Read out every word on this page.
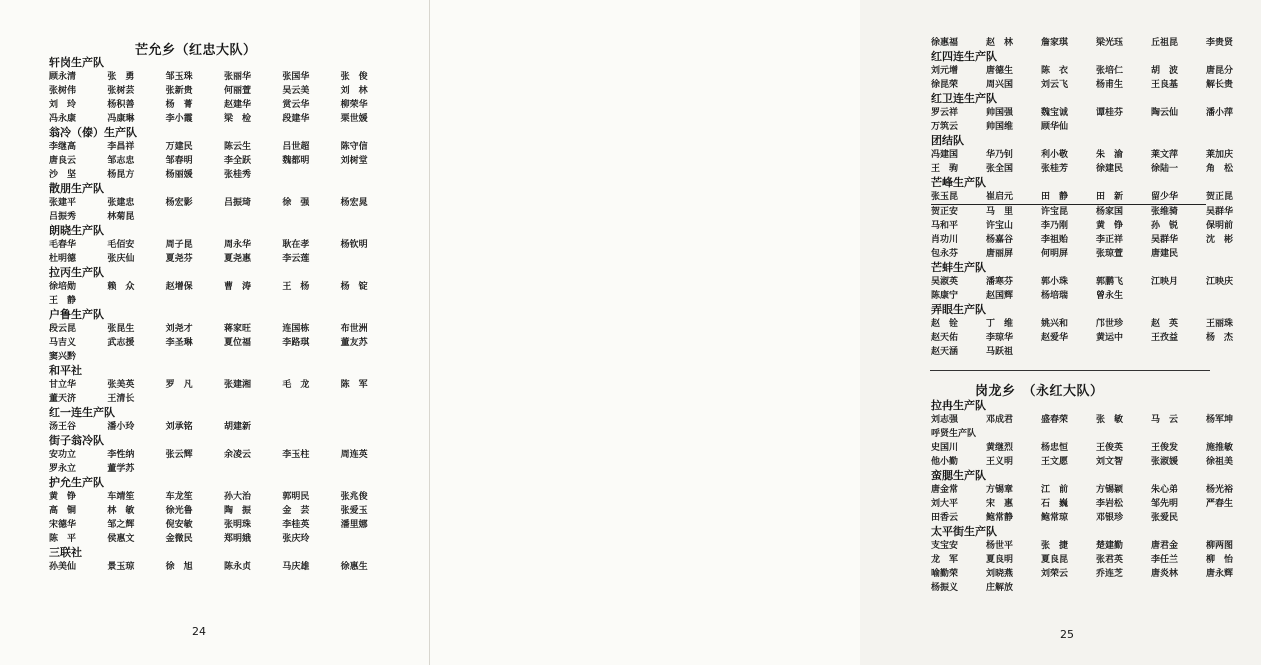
芒允乡（红忠大队）
轩岗生产队
顾永清	张　勇	邹玉珠	张丽华	张国华	张　俊
张树伟	张树芸	张新贵	何丽萱	吴云美	刘　林
刘　玲	杨积善	杨　菁	赵建华	赏云华	柳荣华
冯永康	冯康琳	李小霞	梁　检	段建华	栗世媛
翁冷（傣）生产队
李继高	李昌祥	万建民	陈云生	吕世超	陈守信
唐良云	邹志忠	邹春明	李全跃	魏都明	刘树堂
沙　坚	杨昆方	杨丽媛	张桂秀
散朋生产队
张建平	张建忠	杨宏影	吕振琦	徐　强	杨宏晁
吕振秀	林菊昆
朗晓生产队
毛春华	毛佰安	周子昆	周永华	耿在孝	杨钦明
杜明德	张庆仙	夏尧芬	夏尧惠	李云莲
拉丙生产队
徐培勋	赖　众	赵增保	曹　涛	王　杨	杨　锭
王　静
户鲁生产队
段云昆	张昆生	刘尧才	蒋家旺	连国栋	布世洲
马吉义	武志援	李圣琳	夏位福	李路琪	董友苏
窦兴黔
和平社
甘立华	张美英	罗　凡	张建湘	毛　龙	陈　军
董天济	王清长
红一连生产队
汤王谷	潘小玲	刘承铭	胡建新
街子翁冷队
安功立	李性纳	张云辉	余凌云	李玉柱	周连英
罗永立	董学苏
护允生产队
黄　铮	车靖笙	车龙笙	孙大治	郭明民	张兆俊
高　铜	林　敏	徐光鲁	陶　振	金　芸	张爱玉
宋德华	邹之辉	倪安敏	张明珠	李桂英	潘里娜
陈　平	侯惠文	金微民	郑明娥	张庆玲
三联社
孙美仙	景玉琼	徐　旭	陈永贞	马庆雄	徐惠生
24
徐惠福	赵　林	詹家琪	梁光珏	丘祖昆	李贵贤
红四连生产队
刘元增	唐德生	陈　衣	张培仁	胡　波	唐昆分
徐昆荣	周兴国	刘云飞	杨甫生	王良基	解长贵
红卫连生产队
罗云祥	帅国强	魏宝诚	谭桂芬	陶云仙	潘小萍
万筑云	帅国维	顾华仙
团结队
冯建国	华乃钊	利小敬	朱　渝	莱文萍	莱加庆
王　驹	张全国	张桂芳	徐建民	徐陆一	角　松
芒峰生产队
张玉昆	崔启元	田　静	田　新	留少华	贺正昆
贺正安	马　里	许宝昆	杨家国	张维骑	吴群华
马和平	许宝山	李乃刚	黄　铮	孙　锐	保明前
肖功川	杨嘉谷	李祖贻	李正祥	吴群华	沈　彬
包永芬	唐丽屏	何明屏	张琼萱	唐建民
芒蚌生产队
吴淑英	潘寒芬	郭小珠	郭鹏飞	江映月	江映庆
陈康宁	赵国辉	杨培瑞	曾永生
弄眼生产队
赵　铨	丁　维	姚兴和	邝世珍	赵　英	王丽珠
赵天佑	李琼华	赵爱华	黄运中	王孜益	杨　杰
赵天涵	马跃祖
岗龙乡　（永红大队）
拉冉生产队
刘志强	邓成君	盛春荣	张　敏	马　云	杨军坤
呼贤生产队
史国川	黄继烈	杨忠恒	王俊英	王俊发	施推敏
他小勤	王义明	王文愿	刘文智	张淑媛	徐祖美
蛮腮生产队
唐金常	方锡章	江　前	方锡颖	朱心弟	杨光裕
刘大平	宋　惠	石　巍	李岩松	邹先明	严春生
田香云	鲍常静	鲍常琼	邓银珍	张爱民
太平街生产队
支宝安	杨世平	张　捷	楚建勤	唐君金	柳两图
龙　军	夏良明	夏良昆	张君英	李任兰	柳　怡
喻勤荣	刘晓燕	刘荣云	乔连芝	唐炎林	唐永辉
杨振义	庄解放
25
